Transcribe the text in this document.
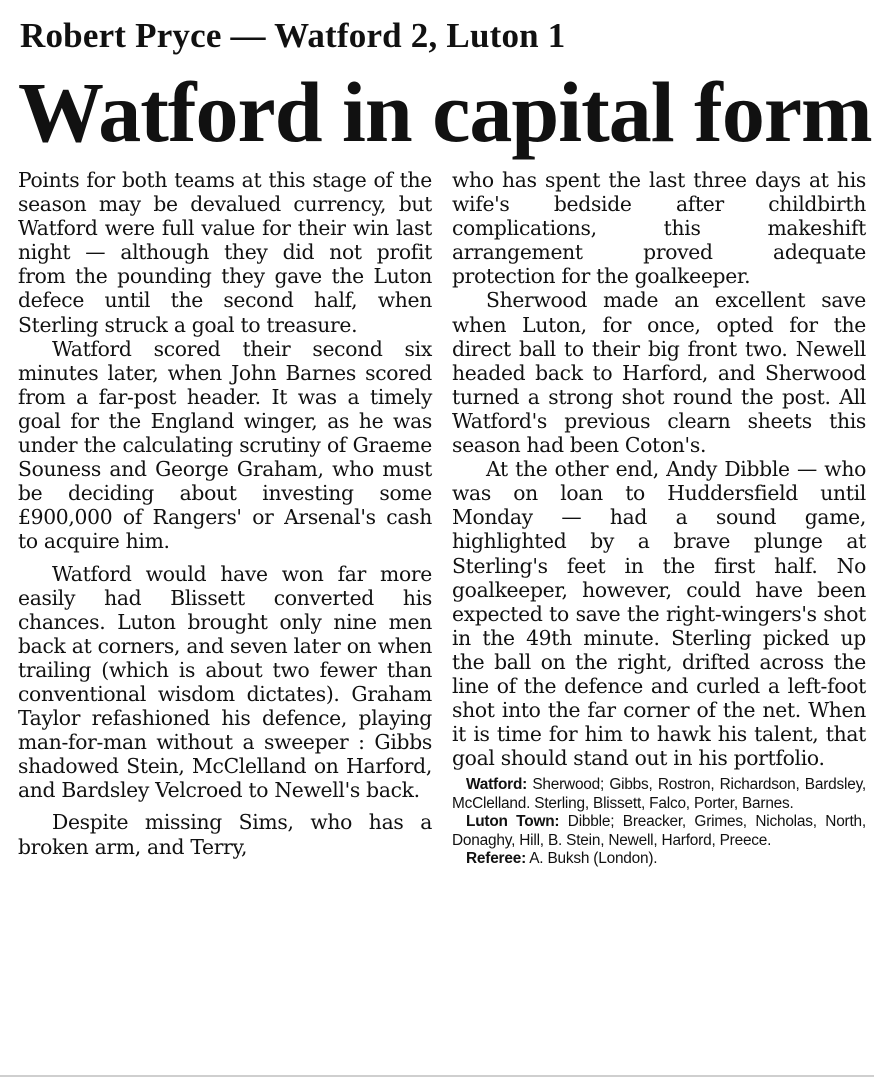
Robert Pryce — Watford 2, Luton 1
Watford in capital form

Points for both teams at this stage of the season may be devalued currency, but Watford were full value for their win last night — although they did not profit from the pounding they gave the Luton defece until the second half, when Sterling struck a goal to treasure.

Watford scored their second six minutes later, when John Barnes scored from a far-post header. It was a timely goal for the England winger, as he was under the calculating scrutiny of Graeme Souness and George Graham, who must be deciding about investing some £900,000 of Rangers' or Arsenal's cash to acquire him.

Watford would have won far more easily had Blissett converted his chances. Luton brought only nine men back at corners, and seven later on when trailing (which is about two fewer than conventional wisdom dictates). Graham Taylor refashioned his defence, playing man-for-man without a sweeper : Gibbs shadowed Stein, McClelland on Harford, and Bardsley Velcroed to Newell's back.

Despite missing Sims, who has a broken arm, and Terry,

who has spent the last three days at his wife's bedside after childbirth complications, this makeshift arrangement proved adequate protection for the goalkeeper.

Sherwood made an excellent save when Luton, for once, opted for the direct ball to their big front two. Newell headed back to Harford, and Sherwood turned a strong shot round the post. All Watford's previous clearn sheets this season had been Coton's.

At the other end, Andy Dibble — who was on loan to Huddersfield until Monday — had a sound game, highlighted by a brave plunge at Sterling's feet in the first half. No goalkeeper, however, could have been expected to save the right-wingers's shot in the 49th minute. Sterling picked up the ball on the right, drifted across the line of the defence and curled a left-foot shot into the far corner of the net. When it is time for him to hawk his talent, that goal should stand out in his portfolio.

Watford: Sherwood; Gibbs, Rostron, Richardson, Bardsley, McClelland. Sterling, Blissett, Falco, Porter, Barnes.

Luton Town: Dibble; Breacker, Grimes, Nicholas, North, Donaghy, Hill, B. Stein, Newell, Harford, Preece.

Referee: A. Buksh (London).
